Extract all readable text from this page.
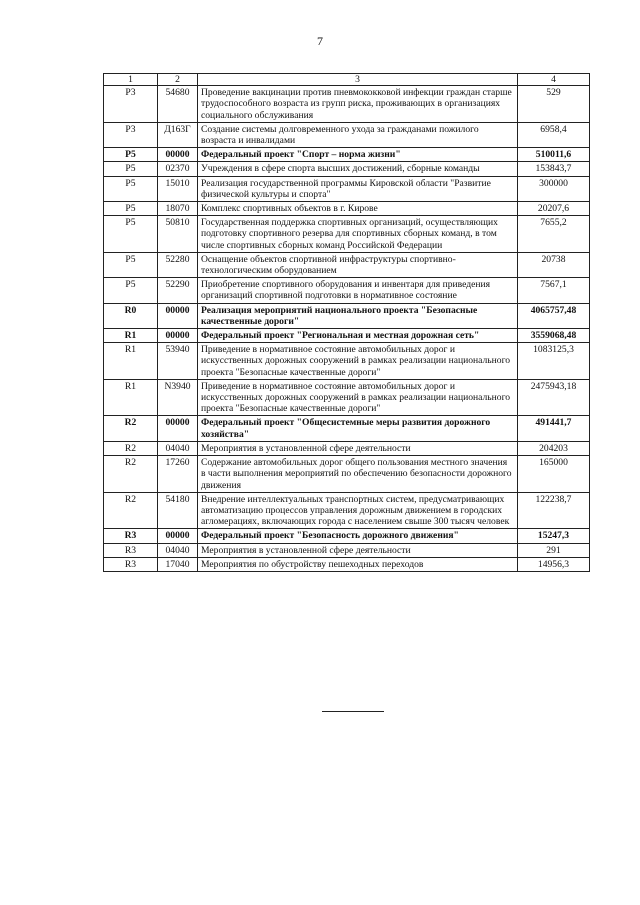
7
1	2	3	4
P3	54680	Проведение вакцинации против пневмококковой инфекции граждан старше трудоспособного возраста из групп риска, проживающих в организациях социального обслуживания	529
P3	Д163Г	Создание системы долговременного ухода за гражданами пожилого возраста и инвалидами	6958,4
P5	00000	Федеральный проект "Спорт – норма жизни"	510011,6
P5	02370	Учреждения в сфере спорта высших достижений, сборные команды	153843,7
P5	15010	Реализация государственной программы Кировской области "Развитие физической культуры и спорта"	300000
P5	18070	Комплекс спортивных объектов в г. Кирове	20207,6
P5	50810	Государственная поддержка спортивных организаций, осуществляющих подготовку спортивного резерва для спортивных сборных команд, в том числе спортивных сборных команд Российской Федерации	7655,2
P5	52280	Оснащение объектов спортивной инфраструктуры спортивно-технологическим оборудованием	20738
P5	52290	Приобретение спортивного оборудования и инвентаря для приведения организаций спортивной подготовки в нормативное состояние	7567,1
R0	00000	Реализация мероприятий национального проекта "Безопасные качественные дороги"	4065757,48
R1	00000	Федеральный проект "Региональная и местная дорожная сеть"	3559068,48
R1	53940	Приведение в нормативное состояние автомобильных дорог и искусственных дорожных сооружений в рамках реализации национального проекта "Безопасные качественные дороги"	1083125,3
R1	N3940	Приведение в нормативное состояние автомобильных дорог и искусственных дорожных сооружений в рамках реализации национального проекта "Безопасные качественные дороги"	2475943,18
R2	00000	Федеральный проект "Общесистемные меры развития дорожного хозяйства"	491441,7
R2	04040	Мероприятия в установленной сфере деятельности	204203
R2	17260	Содержание автомобильных дорог общего пользования местного значения в части выполнения мероприятий по обеспечению безопасности дорожного движения	165000
R2	54180	Внедрение интеллектуальных транспортных систем, предусматривающих автоматизацию процессов управления дорожным движением в городских агломерациях, включающих города с населением свыше 300 тысяч человек	122238,7
R3	00000	Федеральный проект "Безопасность дорожного движения"	15247,3
R3	04040	Мероприятия в установленной сфере деятельности	291
R3	17040	Мероприятия по обустройству пешеходных переходов	14956,3
